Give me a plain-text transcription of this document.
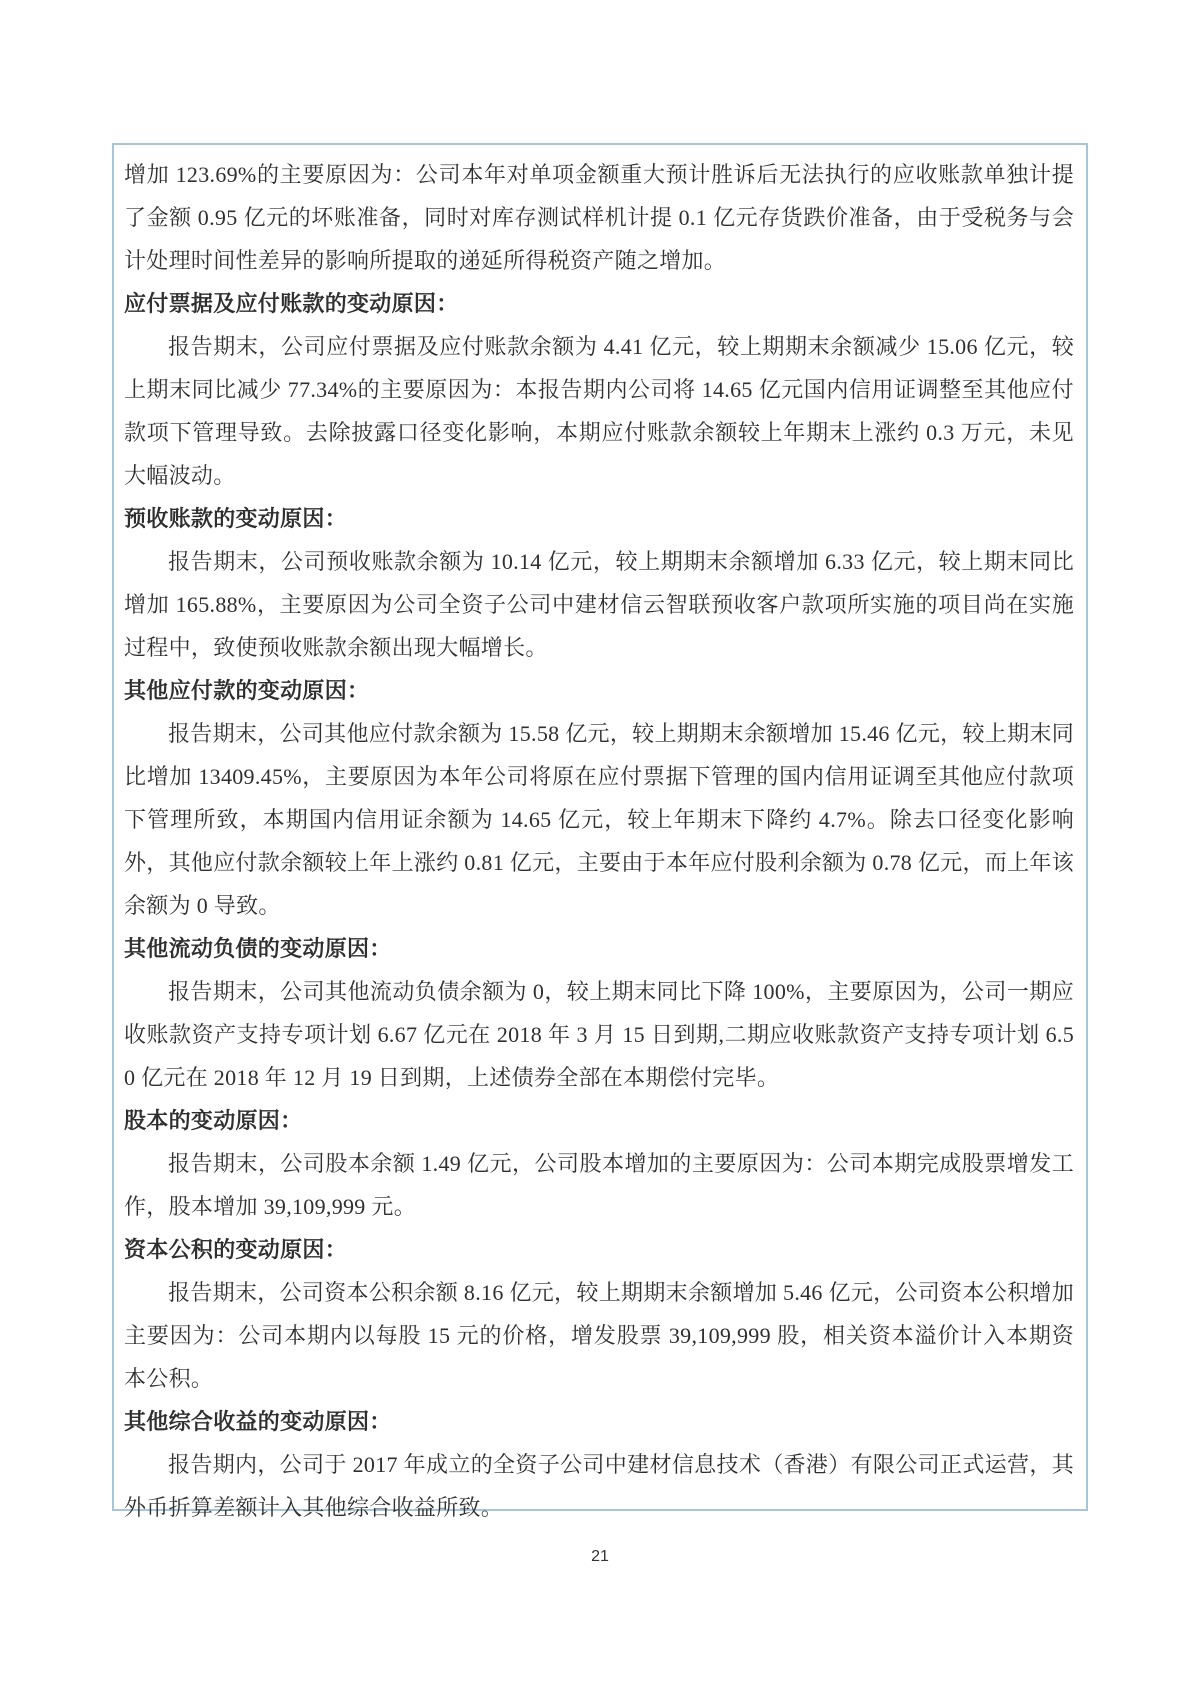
增加 123.69%的主要原因为：公司本年对单项金额重大预计胜诉后无法执行的应收账款单独计提了金额 0.95 亿元的坏账准备，同时对库存测试样机计提 0.1 亿元存货跌价准备，由于受税务与会计处理时间性差异的影响所提取的递延所得税资产随之增加。

应付票据及应付账款的变动原因：

报告期末，公司应付票据及应付账款余额为 4.41 亿元，较上期期末余额减少 15.06 亿元，较上期末同比减少 77.34%的主要原因为：本报告期内公司将 14.65 亿元国内信用证调整至其他应付款项下管理导致。去除披露口径变化影响，本期应付账款余额较上年期末上涨约 0.3 万元，未见大幅波动。

预收账款的变动原因：

报告期末，公司预收账款余额为 10.14 亿元，较上期期末余额增加 6.33 亿元，较上期末同比增加 165.88%，主要原因为公司全资子公司中建材信云智联预收客户款项所实施的项目尚在实施过程中，致使预收账款余额出现大幅增长。

其他应付款的变动原因：

报告期末，公司其他应付款余额为 15.58 亿元，较上期期末余额增加 15.46 亿元，较上期末同比增加 13409.45%，主要原因为本年公司将原在应付票据下管理的国内信用证调至其他应付款项下管理所致，本期国内信用证余额为 14.65 亿元，较上年期末下降约 4.7%。除去口径变化影响外，其他应付款余额较上年上涨约 0.81 亿元，主要由于本年应付股利余额为 0.78 亿元，而上年该余额为 0 导致。

其他流动负债的变动原因：

报告期末，公司其他流动负债余额为 0，较上期末同比下降 100%，主要原因为，公司一期应收账款资产支持专项计划 6.67 亿元在 2018 年 3 月 15 日到期,二期应收账款资产支持专项计划 6.50 亿元在 2018 年 12 月 19 日到期，上述债券全部在本期偿付完毕。

股本的变动原因：

报告期末，公司股本余额 1.49 亿元，公司股本增加的主要原因为：公司本期完成股票增发工作，股本增加 39,109,999 元。

资本公积的变动原因：

报告期末，公司资本公积余额 8.16 亿元，较上期期末余额增加 5.46 亿元，公司资本公积增加主要因为：公司本期内以每股 15 元的价格，增发股票 39,109,999 股，相关资本溢价计入本期资本公积。

其他综合收益的变动原因：

报告期内，公司于 2017 年成立的全资子公司中建材信息技术（香港）有限公司正式运营，其外币折算差额计入其他综合收益所致。

21
